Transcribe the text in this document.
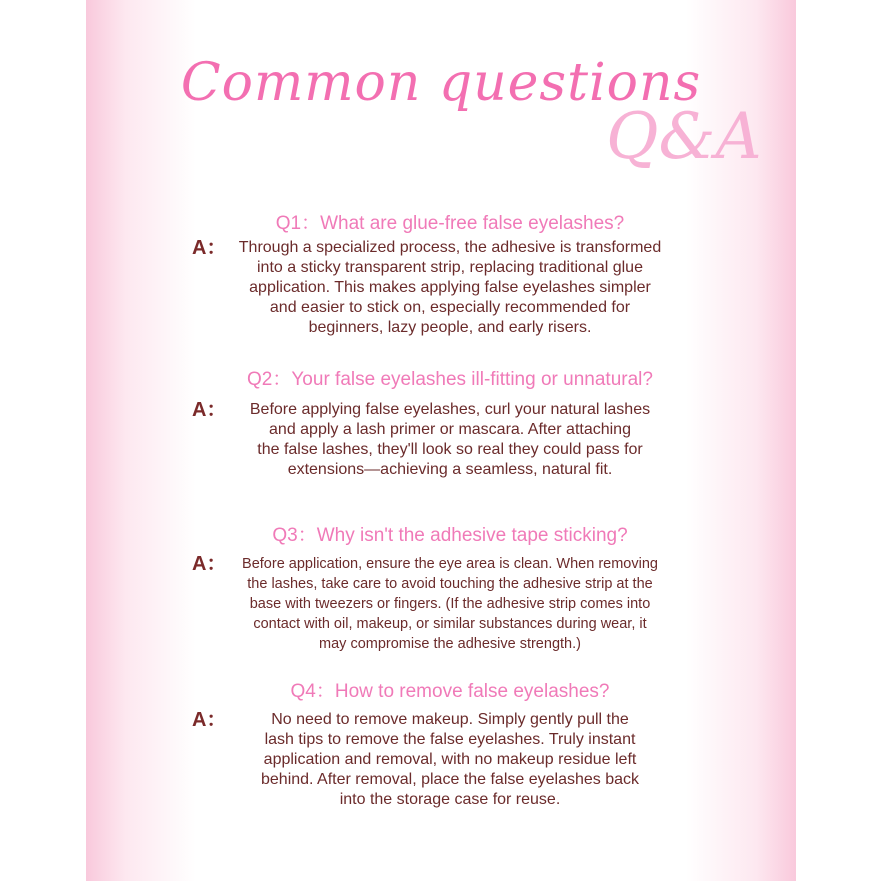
Common questions
Q&A

Q1：What are glue-free false eyelashes?

A： Through a specialized process, the adhesive is transformed
into a sticky transparent strip, replacing traditional glue
application. This makes applying false eyelashes simpler
and easier to stick on, especially recommended for
beginners, lazy people, and early risers.

Q2：Your false eyelashes ill-fitting or unnatural?

A：	Before applying false eyelashes, curl your natural lashes
and apply a lash primer or mascara. After attaching
the false lashes, they'll look so real they could pass for
extensions—achieving a seamless, natural fit.

Q3：Why isn't the adhesive tape sticking?

A：	Before application, ensure the eye area is clean. When removing
the lashes, take care to avoid touching the adhesive strip at the
base with tweezers or fingers. (If the adhesive strip comes into
contact with oil, makeup, or similar substances during wear, it
may compromise the adhesive strength.)

Q4：How to remove false eyelashes?

A：	No need to remove makeup. Simply gently pull the
lash tips to remove the false eyelashes. Truly instant
application and removal, with no makeup residue left
behind. After removal, place the false eyelashes back
into the storage case for reuse.
